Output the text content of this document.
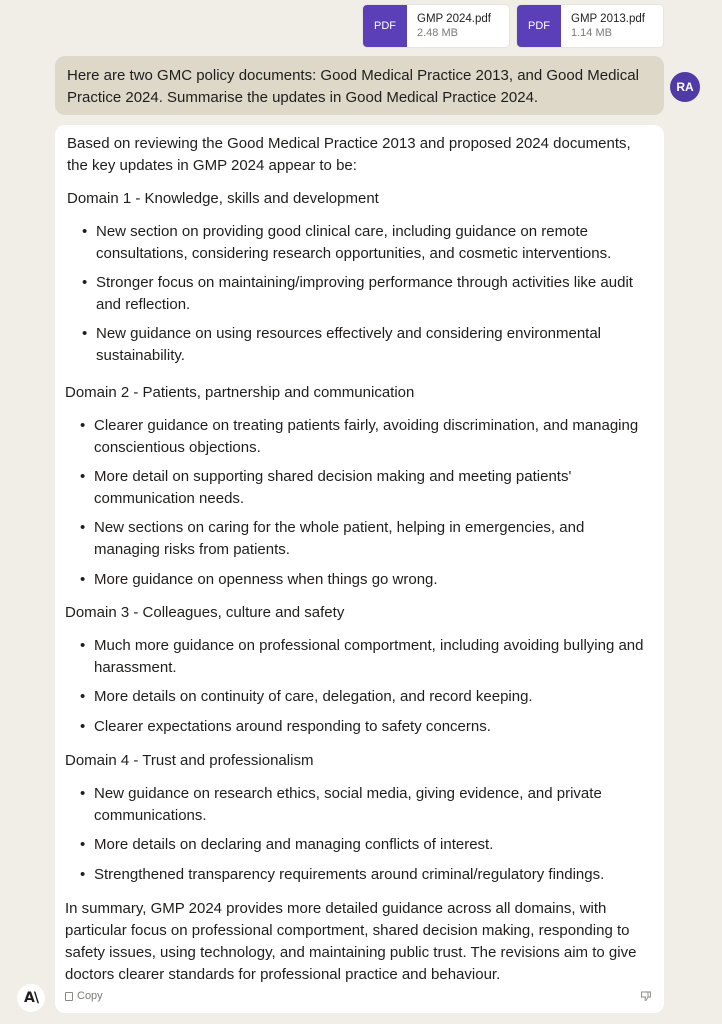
PDF
GMP 2024.pdf
2.48 MB
PDF
GMP 2013.pdf
1.14 MB
Here are two GMC policy documents: Good Medical Practice 2013, and Good Medical
Practice 2024. Summarise the updates in Good Medical Practice 2024.
RA
Based on reviewing the Good Medical Practice 2013 and proposed 2024 documents,
the key updates in GMP 2024 appear to be:
Domain 1 - Knowledge, skills and development
• New section on providing good clinical care, including guidance on remote
consultations, considering research opportunities, and cosmetic interventions.
• Stronger focus on maintaining/improving performance through activities like audit
and reflection.
• New guidance on using resources effectively and considering environmental
sustainability.
Domain 2 - Patients, partnership and communication
• Clearer guidance on treating patients fairly, avoiding discrimination, and managing
conscientious objections.
• More detail on supporting shared decision making and meeting patients'
communication needs.
• New sections on caring for the whole patient, helping in emergencies, and
managing risks from patients.
• More guidance on openness when things go wrong.
Domain 3 - Colleagues, culture and safety
• Much more guidance on professional comportment, including avoiding bullying and
harassment.
• More details on continuity of care, delegation, and record keeping.
• Clearer expectations around responding to safety concerns.
Domain 4 - Trust and professionalism
• New guidance on research ethics, social media, giving evidence, and private
communications.
• More details on declaring and managing conflicts of interest.
• Strengthened transparency requirements around criminal/regulatory findings.
In summary, GMP 2024 provides more detailed guidance across all domains, with
particular focus on professional comportment, shared decision making, responding to
safety issues, using technology, and maintaining public trust. The revisions aim to give
doctors clearer standards for professional practice and behaviour.
Copy
A\
